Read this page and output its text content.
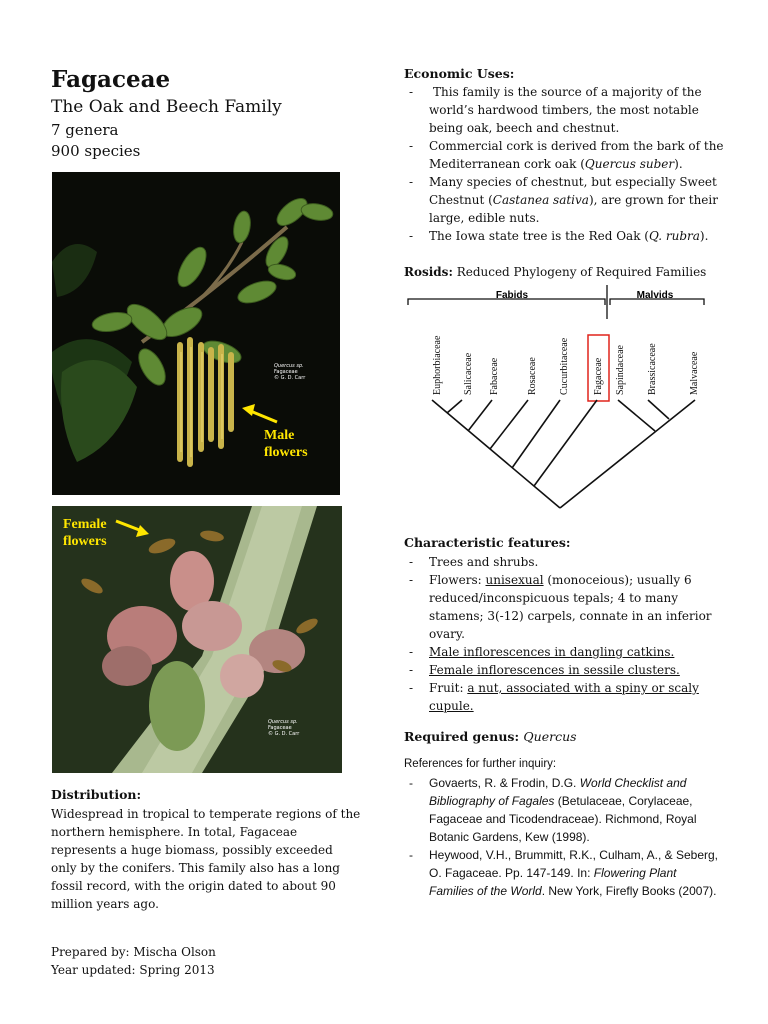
Fagaceae
The Oak and Beech Family
7 genera
900 species
Quercus sp.
Fagaceae
© G. D. Carr
Male
flowers
Female
flowers
Quercus sp.
Fagaceae
© G. D. Carr
Distribution:
Widespread in tropical to temperate regions of the northern hemisphere. In total, Fagaceae represents a huge biomass, possibly exceeded only by the conifers. This family also has a long fossil record, with the origin dated to about 90 million years ago.
Prepared by: Mischa Olson
Year updated: Spring 2013
Economic Uses:
- This family is the source of a majority of the world’s hardwood timbers, the most notable being oak, beech and chestnut.
- Commercial cork is derived from the bark of the Mediterranean cork oak (Quercus suber).
- Many species of chestnut, but especially Sweet Chestnut (Castanea sativa), are grown for their large, edible nuts.
- The Iowa state tree is the Red Oak (Q. rubra).
Rosids: Reduced Phylogeny of Required Families
Fabids	Malvids
Euphorbiaceae Salicaceae Fabaceae	Rosaceae Cucurbitaceae Fagaceae Sapindaceae Brassicaceae	Malvaceae
Characteristic features:
- Trees and shrubs.
- Flowers: unisexual (monoceious); usually 6 reduced/inconspicuous tepals; 4 to many stamens; 3(-12) carpels, connate in an inferior ovary.
- Male inflorescences in dangling catkins.
- Female inflorescences in sessile clusters.
- Fruit: a nut, associated with a spiny or scaly cupule.
Required genus: Quercus
References for further inquiry:
- Govaerts, R. & Frodin, D.G. World Checklist and Bibliography of Fagales (Betulaceae, Corylaceae, Fagaceae and Ticodendraceae). Richmond, Royal Botanic Gardens, Kew (1998).
- Heywood, V.H., Brummitt, R.K., Culham, A., & Seberg, O. Fagaceae. Pp. 147-149. In: Flowering Plant Families of the World. New York, Firefly Books (2007).
